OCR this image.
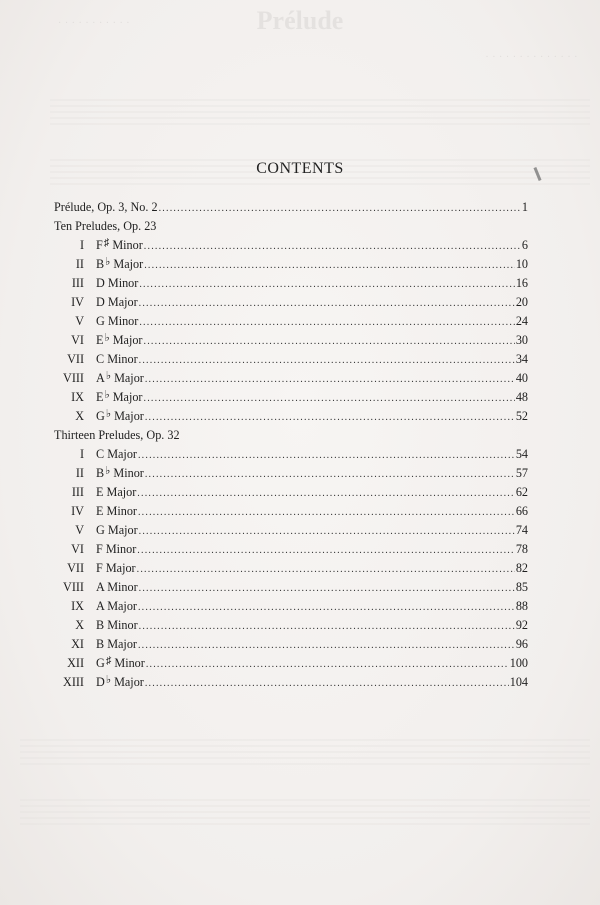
Prélude
· · · · · · · · · · ·
· · · · · · · · · · · · · ·
CONTENTS
Prélude, Op. 3, No. 2 .....	1
Ten Preludes, Op. 23
I F♯ Minor .....	6
II B♭ Major .....	10
III D Minor .....	16
IV D Major .....	20
V G Minor .....	24
VI E♭ Major .....	30
VII C Minor .....	34
VIII A♭ Major .....	40
IX E♭ Major .....	48
X G♭ Major .....	52
Thirteen Preludes, Op. 32
I C Major .....	54
II B♭ Minor .....	57
III E Major .....	62
IV E Minor .....	66
V G Major .....	74
VI F Minor .....	78
VII F Major .....	82
VIII A Minor .....	85
IX A Major .....	88
X B Minor .....	92
XI B Major .....	96
XII G♯ Minor .....	100
XIII D♭ Major .....	104
